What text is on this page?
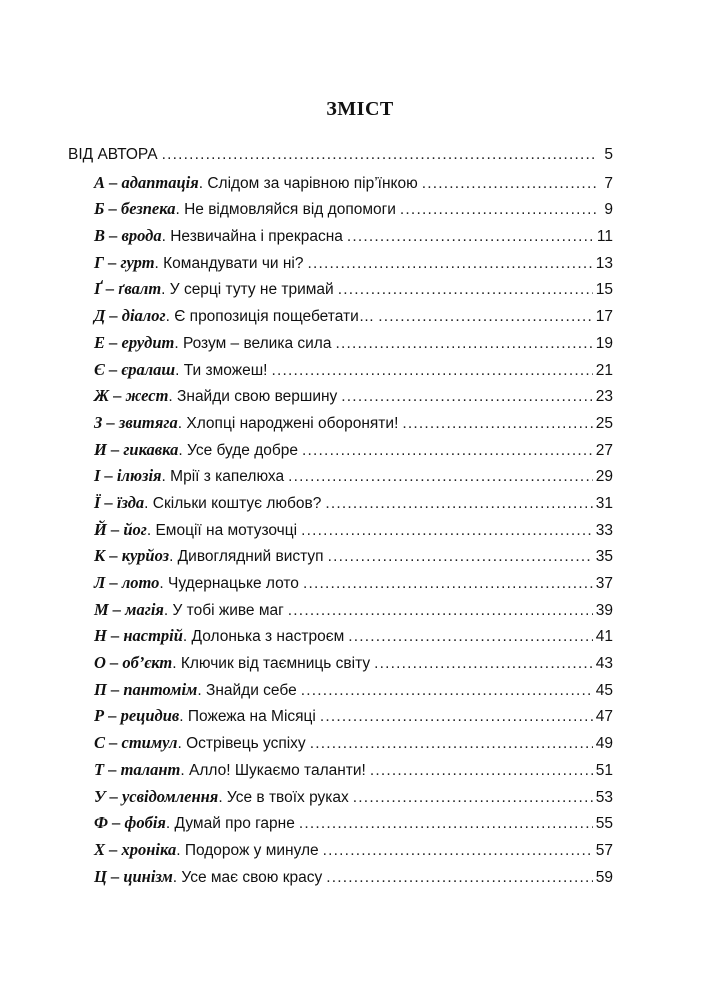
ЗМІСТ
ВІД АВТОРА .....	5
А – адаптація. Слідом за чарівною пір’їнкою .....	7
Б – безпека. Не відмовляйся від допомоги .....	9
В – врода. Незвичайна і прекрасна .....	11
Г – гурт. Командувати чи ні? .....	13
Ґ – ґвалт. У серці туту не тримай .....	15
Д – діалог. Є пропозиція пощебетати… .....	17
Е – ерудит. Розум – велика сила .....	19
Є – єралаш. Ти зможеш! .....	21
Ж – жест. Знайди свою вершину .....	23
З – звитяга. Хлопці народжені обороняти! .....	25
И – гикавка. Усе буде добре .....	27
І – ілюзія. Мрії з капелюха .....	29
Ї – їзда. Скільки коштує любов? .....	31
Й – йог. Емоції на мотузочці .....	33
К – курйоз. Дивоглядний виступ .....	35
Л – лото. Чудернацьке лото .....	37
М – магія. У тобі живе маг .....	39
Н – настрій. Долонька з настроєм .....	41
О – об’єкт. Ключик від таємниць світу .....	43
П – пантомім. Знайди себе .....	45
Р – рецидив. Пожежа на Місяці .....	47
С – стимул. Острівець успіху .....	49
Т – талант. Алло! Шукаємо таланти! .....	51
У – усвідомлення. Усе в твоїх руках .....	53
Ф – фобія. Думай про гарне .....	55
Х – хроніка. Подорож у минуле .....	57
Ц – цинізм. Усе має свою красу .....	59
